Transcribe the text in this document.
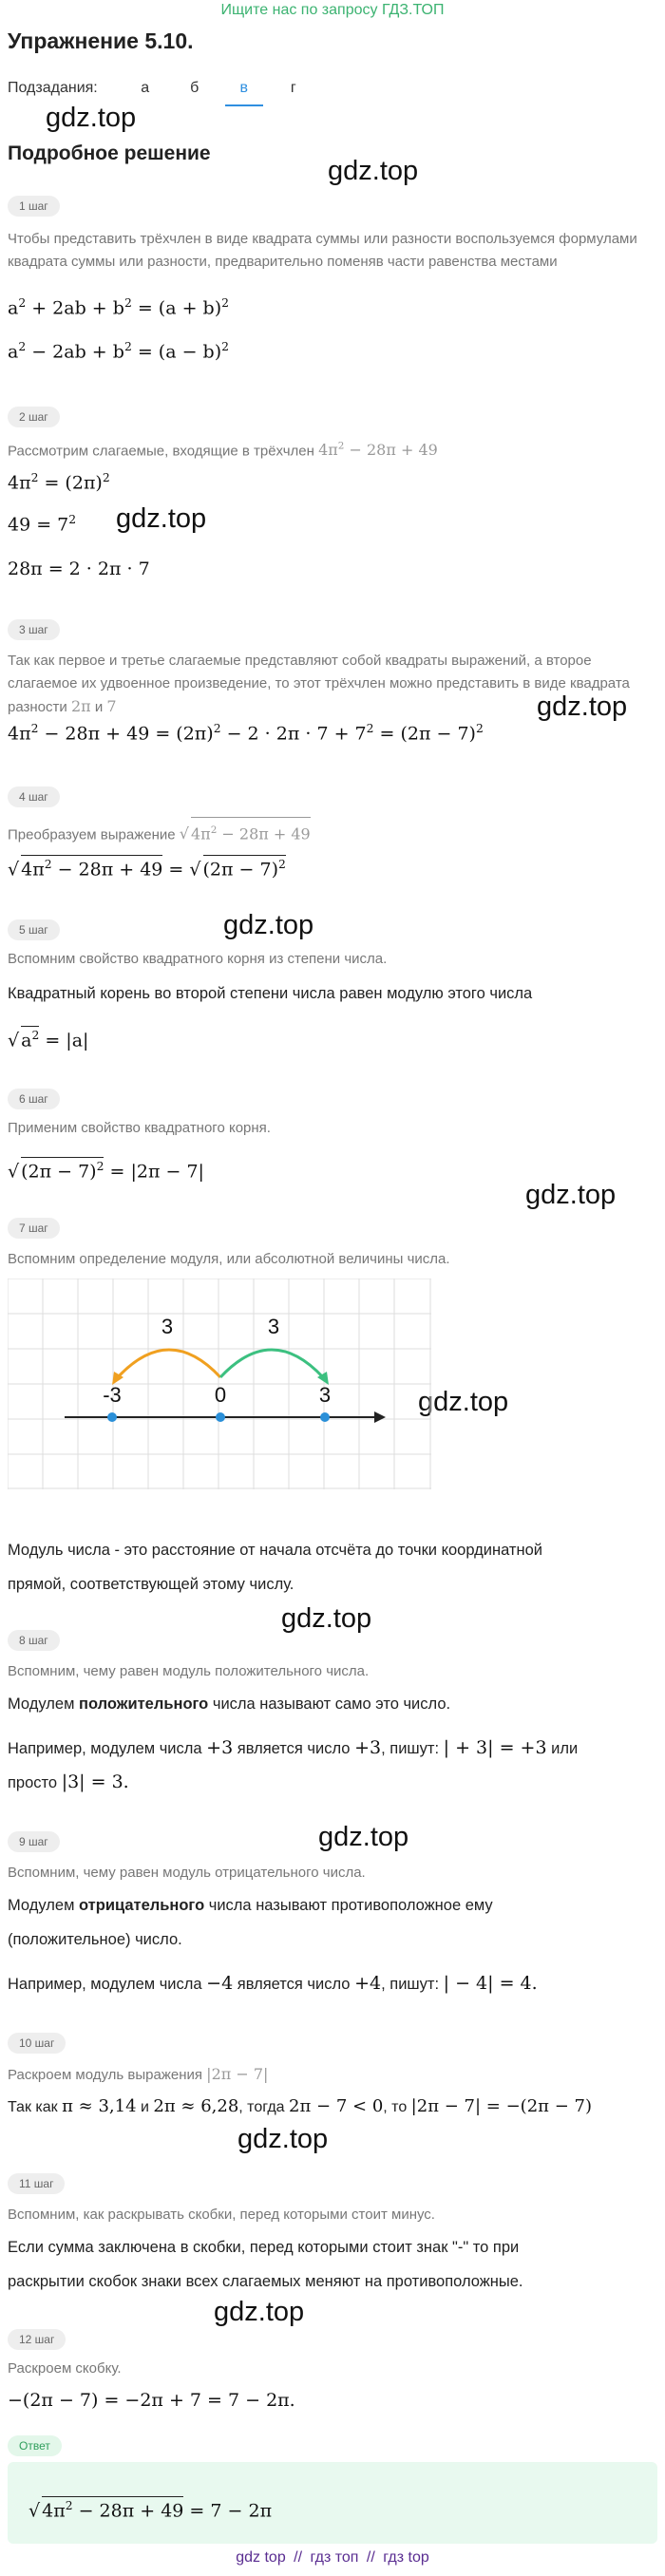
Ищите нас по запросу ГДЗ.ТОП
Упражнение 5.10.
Подзадания:	а	б	в	г
gdz.top
gdz.top
gdz.top
gdz.top
gdz.top
gdz.top
gdz.top
gdz.top
gdz.top
gdz.top
gdz.top
Подробное решение
1 шаг
Чтобы представить трёхчлен в виде квадрата суммы или разности воспользуемся формулами квадрата суммы или разности, предварительно поменяв части равенства местами
$a^2 + 2ab + b^2 = (a + b)^2$
$a^2 - 2ab + b^2 = (a - b)^2$
2 шаг
Рассмотрим слагаемые, входящие в трёхчлен $4\pi^2 - 28\pi + 49$
$4\pi^2 = (2\pi)^2$
$49 = 7^2$
28π = 2 · 2π · 7
3 шаг
Так как первое и третье слагаемые представляют собой квадраты выражений, а второе слагаемое их удвоенное произведение, то этот трёхчлен можно представить в виде квадрата разности 2π и 7
$4\pi^2 - 28\pi + 49 = (2\pi)^2 - 2 \cdot 2\pi \cdot 7 + 7^2 = (2\pi - 7)^2$
4 шаг
Преобразуем выражение √ $4\pi^2 - 28\pi + 49$
√ $4\pi^2 - 28\pi + 49$ = √ $(2\pi - 7)^2$
5 шаг
Вспомним свойство квадратного корня из степени числа.
Квадратный корень во второй степени числа равен модулю этого числа
√ $a^2 = |a|$
6 шаг
Применим свойство квадратного корня.
√ $(2\pi - 7)^2 = |2\pi - 7|$
7 шаг
Вспомним определение модуля, или абсолютной величины числа.
3	3
-3	0	3
Модуль числа - это расстояние от начала отсчёта до точки координатной
прямой, соответствующей этому числу.
8 шаг
Вспомним, чему равен модуль положительного числа.
Модулем положительного числа называют само это число.
Например, модулем числа +3 является число +3, пишут: | + 3| = +3 или
просто |3| = 3.
9 шаг
Вспомним, чему равен модуль отрицательного числа.
Модулем отрицательного числа называют противоположное ему
(положительное) число.
Например, модулем числа −4 является число +4, пишут: | − 4| = 4.
10 шаг
Раскроем модуль выражения |2π − 7|
Так как π ≈ 3,14 и 2π ≈ 6,28, тогда 2π − 7 < 0, то |2π − 7| = −(2π − 7)
11 шаг
Вспомним, как раскрывать скобки, перед которыми стоит минус.
Если сумма заключена в скобки, перед которыми стоит знак "-" то при
раскрытии скобок знаки всех слагаемых меняют на противоположные.
12 шаг
Раскроем скобку.
−(2π − 7) = −2π + 7 = 7 − 2π.
Ответ
√ $4\pi^2 - 28\pi + 49 = 7 - 2\pi$
gdz top // гдз топ // гдз top
